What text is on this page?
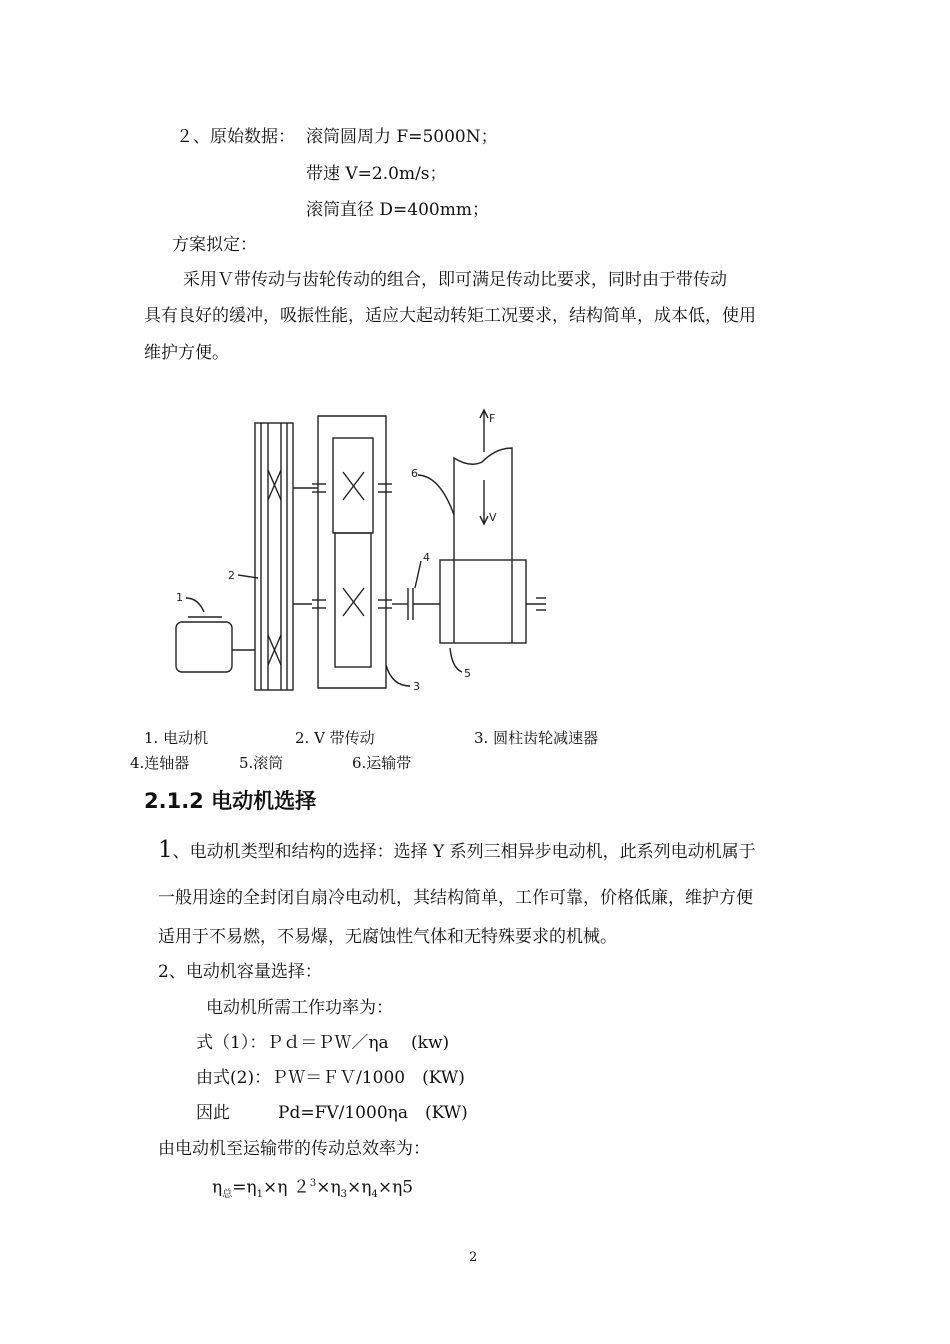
２、原始数据： 滚筒圆周力 F=5000N；
带速 V=2.0m/s；
滚筒直径 D=400mm；
方案拟定：
采用Ｖ带传动与齿轮传动的组合，即可满足传动比要求，同时由于带传动
具有良好的缓冲，吸振性能，适应大起动转矩工况要求，结构简单，成本低，使用
维护方便。
1
2
3
4
5
6
F
V
1. 电动机	2. V 带传动	3. 圆柱齿轮减速器
4.连轴器	5.滚筒	6.运输带
2.1.2 电动机选择
1、电动机类型和结构的选择：选择 Y 系列三相异步电动机，此系列电动机属于
一般用途的全封闭自扇冷电动机，其结构简单，工作可靠，价格低廉，维护方便
适用于不易燃，不易爆，无腐蚀性气体和无特殊要求的机械。
2、电动机容量选择：
电动机所需工作功率为：
式（1）：Ｐｄ＝ＰＷ／ηa　 (kw)
由式(2)：ＰＷ＝ＦＶ/1000　(KW)
因此	Pd=FV/1000ηa　(KW)
由电动机至运输带的传动总效率为：
$\eta_总=\eta_1\times\eta$ $2^3\times\eta_3\times\eta_4\times\eta 5$
2
